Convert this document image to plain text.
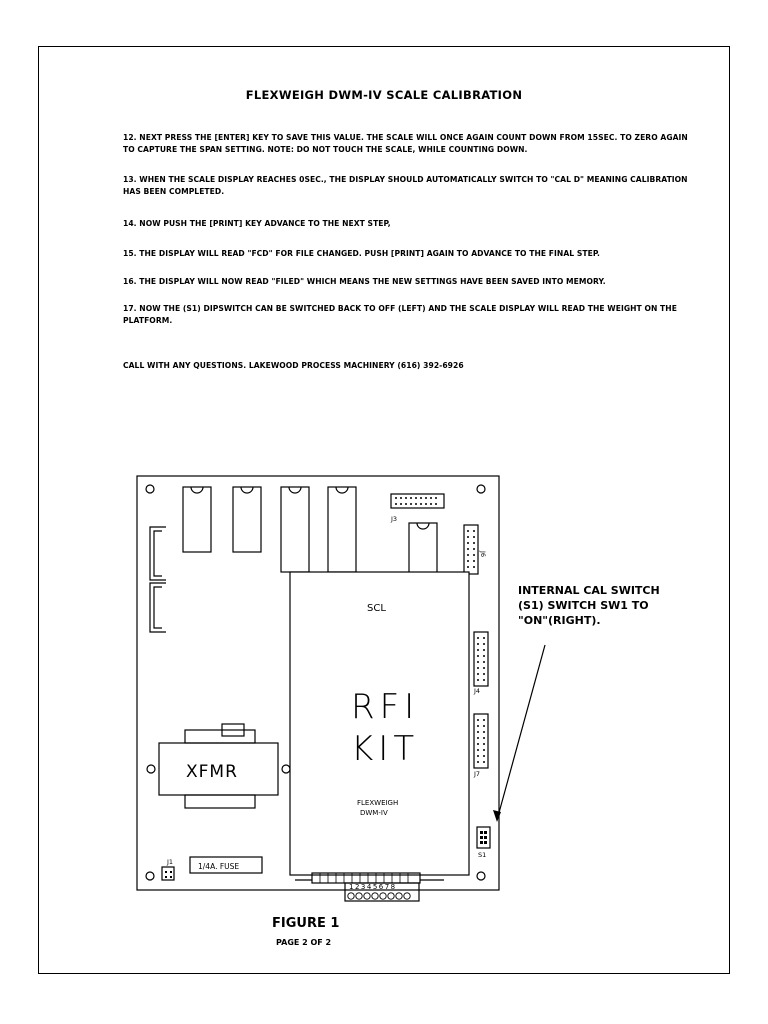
FLEXWEIGH DWM-IV SCALE CALIBRATION
12. NEXT PRESS THE [ENTER] KEY TO SAVE THIS VALUE. THE SCALE WILL ONCE AGAIN COUNT DOWN FROM 15SEC. TO ZERO AGAIN TO CAPTURE THE SPAN SETTING. NOTE: DO NOT TOUCH THE SCALE, WHILE COUNTING DOWN.
13. WHEN THE SCALE DISPLAY REACHES 0SEC., THE DISPLAY SHOULD AUTOMATICALLY SWITCH TO "CAL D" MEANING CALIBRATION HAS BEEN COMPLETED.
14. NOW PUSH THE [PRINT] KEY ADVANCE TO THE NEXT STEP,
15. THE DISPLAY WILL READ "FCD" FOR FILE CHANGED. PUSH [PRINT] AGAIN TO ADVANCE TO THE FINAL STEP.
16. THE DISPLAY WILL NOW READ "FILED" WHICH MEANS THE NEW SETTINGS HAVE BEEN SAVED INTO MEMORY.
17. NOW THE (S1) DIPSWITCH CAN BE SWITCHED BACK TO OFF (LEFT) AND THE SCALE DISPLAY WILL READ THE WEIGHT ON THE PLATFORM.
CALL WITH ANY QUESTIONS. LAKEWOOD PROCESS MACHINERY (616) 392-6926
J3
J6
J4
J7
S1
J1
SCL
RFI
KIT
FLEXWEIGH
DWM-IV
XFMR
1/4A. FUSE
12345678
INTERNAL CAL SWITCH
(S1) SWITCH SW1 TO
"ON"(RIGHT).
FIGURE 1
PAGE 2 OF 2
